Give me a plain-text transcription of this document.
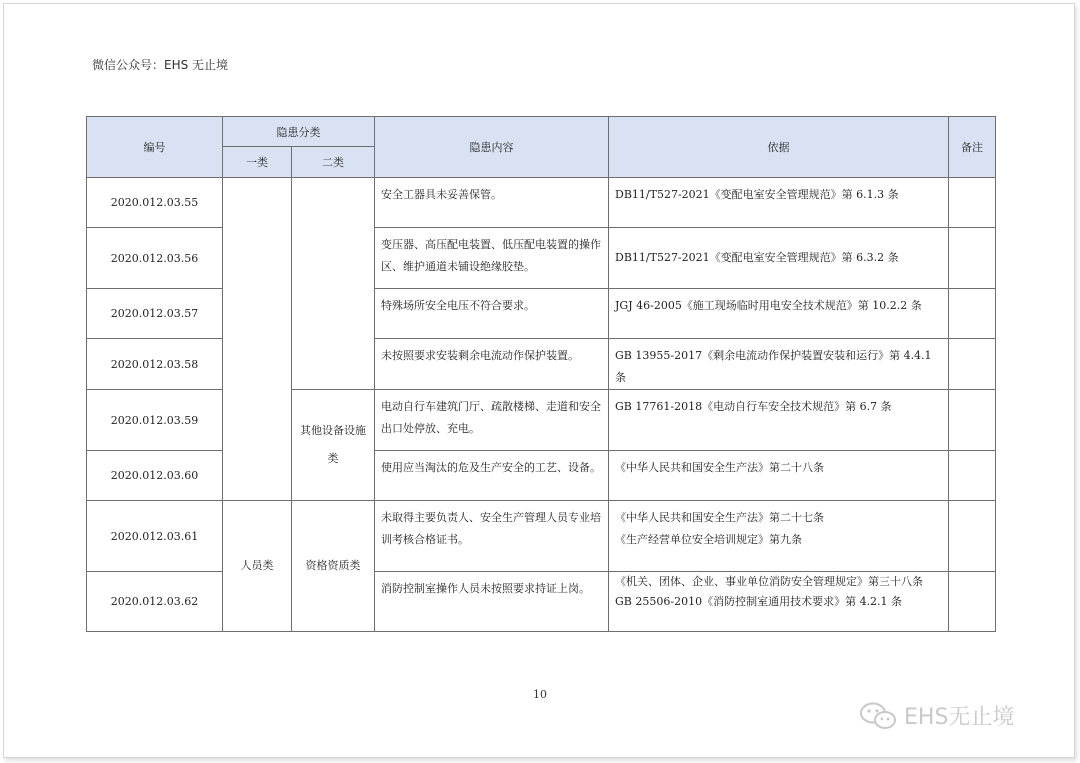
微信公众号：EHS 无止境
编号	隐患分类		隐患内容	依据	备注
	一类	二类			
2020.012.03.55			安全工器具未妥善保管。	DB11/T527-2021《变配电室安全管理规范》第 6.1.3 条	

2020.012.03.56			变压器、高压配电装置、低压配电装置的操作区、维护通道未铺设绝缘胶垫。	DB11/T527-2021《变配电室安全管理规范》第 6.3.2 条	

2020.012.03.57			特殊场所安全电压不符合要求。	JGJ 46-2005《施工现场临时用电安全技术规范》第 10.2.2 条	

2020.012.03.58			未按照要求安装剩余电流动作保护装置。	GB 13955-2017《剩余电流动作保护装置安装和运行》第 4.4.1 条	

2020.012.03.59		其他设备设施类	电动自行车建筑门厅、疏散楼梯、走道和安全出口处停放、充电。	GB 17761-2018《电动自行车安全技术规范》第 6.7 条	

2020.012.03.60			使用应当淘汰的危及生产安全的工艺、设备。	《中华人民共和国安全生产法》第二十八条	

2020.012.03.61	人员类	资格资质类	未取得主要负责人、安全生产管理人员专业培训考核合格证书。	《中华人民共和国安全生产法》第二十七条
《生产经营单位安全培训规定》第九条	

2020.012.03.62			消防控制室操作人员未按照要求持证上岗。	《机关、团体、企业、事业单位消防安全管理规定》第三十八条
GB 25506-2010《消防控制室通用技术要求》第 4.2.1 条	

10
EHS无止境
